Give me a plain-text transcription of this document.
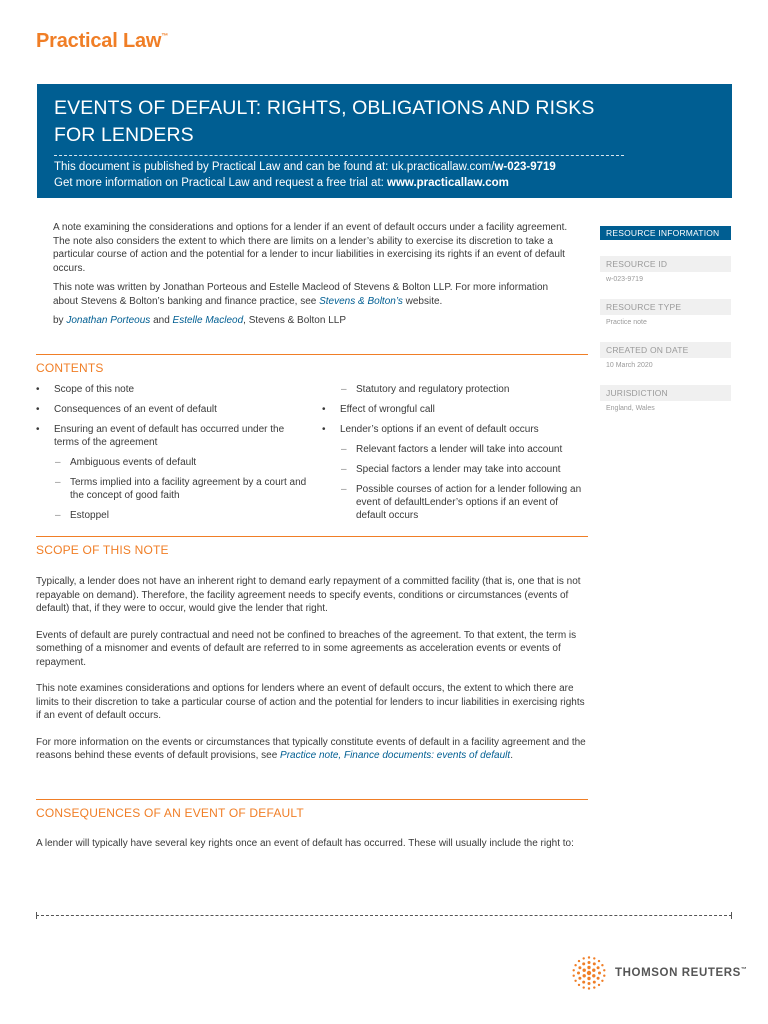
Practical Law™
EVENTS OF DEFAULT: RIGHTS, OBLIGATIONS AND RISKS FOR LENDERS
This document is published by Practical Law and can be found at: uk.practicallaw.com/w-023-9719
Get more information on Practical Law and request a free trial at: www.practicallaw.com

A note examining the considerations and options for a lender if an event of default occurs under a facility agreement. The note also considers the extent to which there are limits on a lender’s ability to exercise its discretion to take a particular course of action and the potential for a lender to incur liabilities in exercising its rights if an event of default occurs.

This note was written by Jonathan Porteous and Estelle Macleod of Stevens & Bolton LLP. For more information about Stevens & Bolton’s banking and finance practice, see Stevens & Bolton’s website.

by Jonathan Porteous and Estelle Macleod, Stevens & Bolton LLP

CONTENTS
• Scope of this note
• Consequences of an event of default
• Ensuring an event of default has occurred under the terms of the agreement
– Ambiguous events of default
– Terms implied into a facility agreement by a court and the concept of good faith
– Estoppel
– Statutory and regulatory protection
• Effect of wrongful call
• Lender’s options if an event of default occurs
– Relevant factors a lender will take into account
– Special factors a lender may take into account
– Possible courses of action for a lender following an event of defaultLender’s options if an event of default occurs
SCOPE OF THIS NOTE

Typically, a lender does not have an inherent right to demand early repayment of a committed facility (that is, one that is not repayable on demand). Therefore, the facility agreement needs to specify events, conditions or circumstances (events of default) that, if they were to occur, would give the lender that right.

Events of default are purely contractual and need not be confined to breaches of the agreement. To that extent, the term is something of a misnomer and events of default are referred to in some agreements as acceleration events or events of repayment.

This note examines considerations and options for lenders where an event of default occurs, the extent to which there are limits to their discretion to take a particular course of action and the potential for lenders to incur liabilities in exercising rights if an event of default occurs.

For more information on the events or circumstances that typically constitute events of default in a facility agreement and the reasons behind these events of default provisions, see Practice note, Finance documents: events of default.

CONSEQUENCES OF AN EVENT OF DEFAULT

A lender will typically have several key rights once an event of default has occurred. These will usually include the right to:

RESOURCE INFORMATION
RESOURCE ID
w-023-9719
RESOURCE TYPE
Practice note
CREATED ON DATE
10 March 2020
JURISDICTION
England, Wales
THOMSON REUTERS™
